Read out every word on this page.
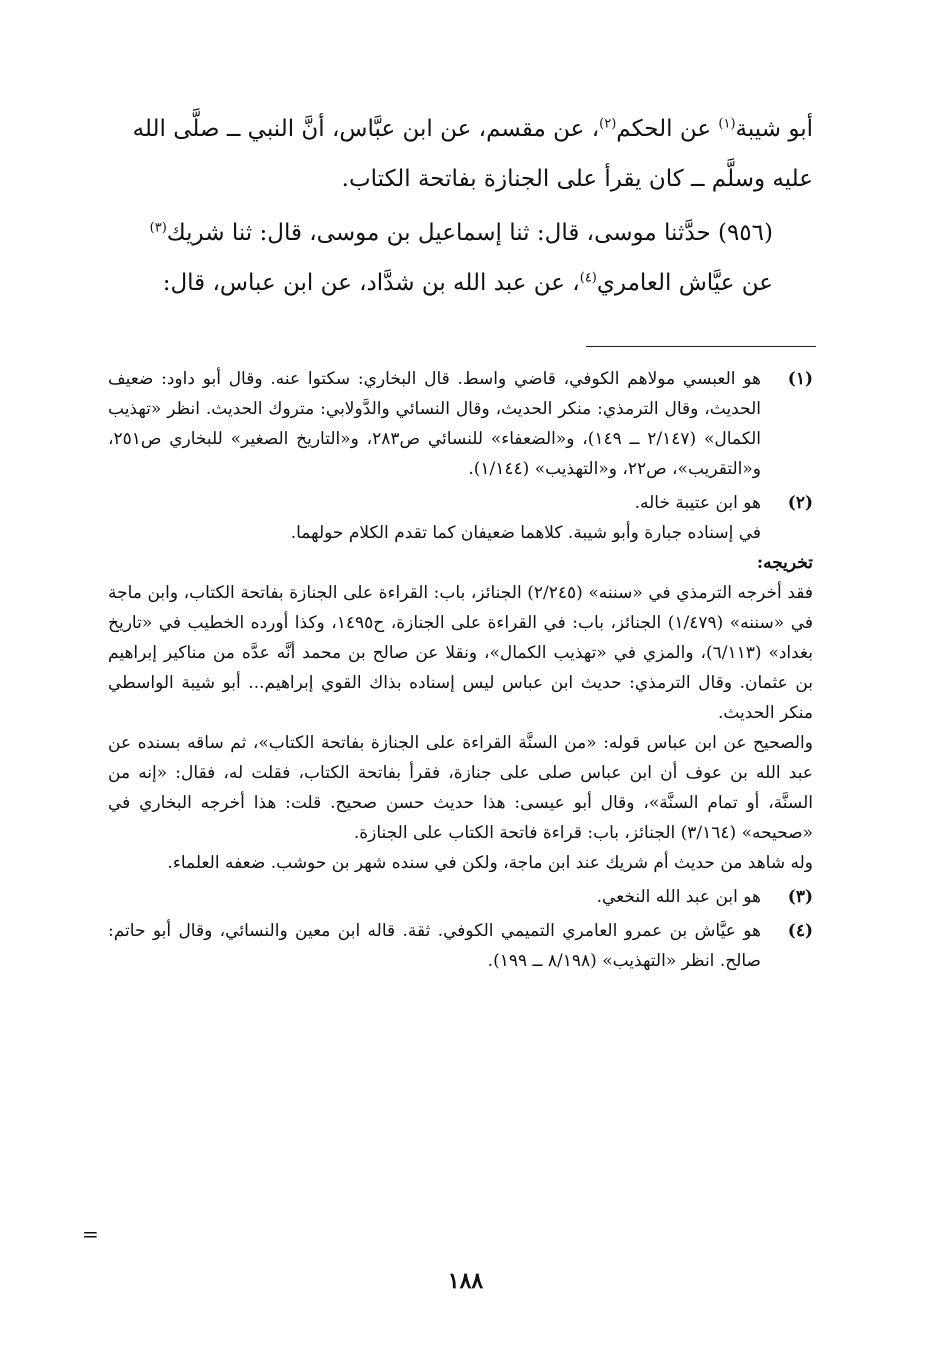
أبو شيبة$^{(١)}$ عن الحكم$^{(٢)}$، عن مقسم، عن ابن عبَّاس، أنَّ النبي ــ صلَّى الله عليه وسلَّم ــ كان يقرأ على الجنازة بفاتحة الكتاب.

(٩٥٦) حدَّثنا موسى، قال: ثنا إسماعيل بن موسى، قال: ثنا شريك$^{(٣)}$ عن عيَّاش العامري$^{(٤)}$، عن عبد الله بن شدَّاد، عن ابن عباس، قال:

(١)
هو العبسي مولاهم الكوفي، قاضي واسط. قال البخاري: سكتوا عنه. وقال أبو داود: ضعيف الحديث، وقال الترمذي: منكر الحديث، وقال النسائي والدَّولابي: متروك الحديث. انظر «تهذيب الكمال» (٢/١٤٧ ــ ١٤٩)، و«الضعفاء» للنسائي ص٢٨٣، و«التاريخ الصغير» للبخاري ص٢٥١، و«التقريب»، ص٢٢، و«التهذيب» (١/١٤٤).
(٢)
هو ابن عتيبة خاله.
في إسناده جبارة وأبو شيبة. كلاهما ضعيفان كما تقدم الكلام حولهما.

تخريجه:

فقد أخرجه الترمذي في «سننه» (٢/٢٤٥) الجنائز، باب: القراءة على الجنازة بفاتحة الكتاب، وابن ماجة في «سننه» (١/٤٧٩) الجنائز، باب: في القراءة على الجنازة، ح١٤٩٥، وكذا أورده الخطيب في «تاريخ بغداد» (٦/١١٣)، والمزي في «تهذيب الكمال»، ونقلا عن صالح بن محمد أنَّه عدَّه من مناكير إبراهيم بن عثمان. وقال الترمذي: حديث ابن عباس ليس إسناده بذاك القوي إبراهيم... أبو شيبة الواسطي منكر الحديث.

والصحيح عن ابن عباس قوله: «من السنَّة القراءة على الجنازة بفاتحة الكتاب»، ثم ساقه بسنده عن عبد الله بن عوف أن ابن عباس صلى على جنازة، فقرأ بفاتحة الكتاب، فقلت له، فقال: «إنه من السنَّة، أو تمام السنَّة»، وقال أبو عيسى: هذا حديث حسن صحيح. قلت: هذا أخرجه البخاري في «صحيحه» (٣/١٦٤) الجنائز، باب: قراءة فاتحة الكتاب على الجنازة.

وله شاهد من حديث أم شريك عند ابن ماجة، ولكن في سنده شهر بن حوشب. ضعفه العلماء.

(٣)
هو ابن عبد الله النخعي.
(٤)
هو عيَّاش بن عمرو العامري التميمي الكوفي. ثقة. قاله ابن معين والنسائي، وقال أبو حاتم: صالح. انظر «التهذيب» (٨/١٩٨ ــ ١٩٩).
=
١٨٨
